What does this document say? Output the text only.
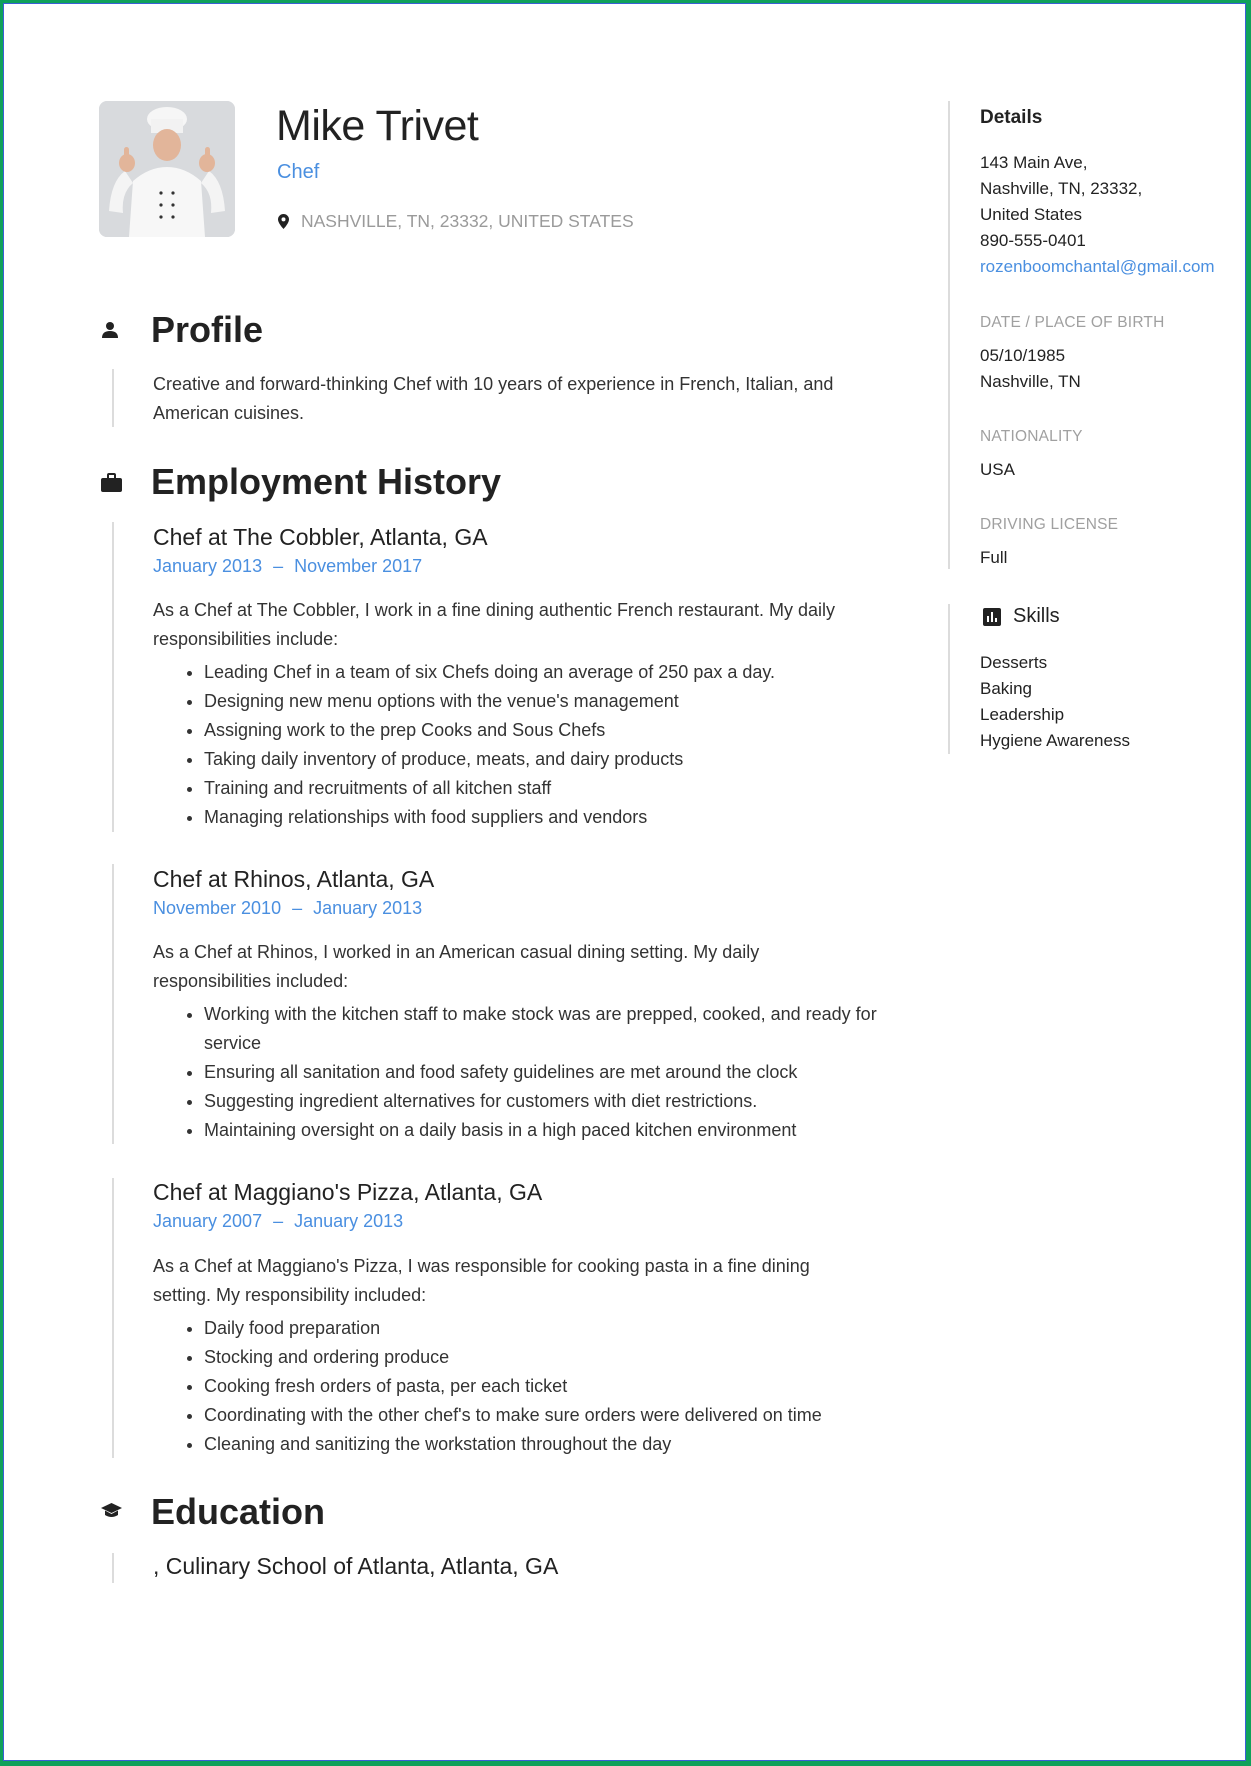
Mike Trivet
Chef
NASHVILLE, TN, 23332, UNITED STATES
Profile
Creative and forward-thinking Chef with 10 years of experience in French, Italian, and
American cuisines.
Employment History
Chef at The Cobbler, Atlanta, GA
January 2013 – November 2017
As a Chef at The Cobbler, I work in a fine dining authentic French restaurant. My daily
responsibilities include:
• Leading Chef in a team of six Chefs doing an average of 250 pax a day.
• Designing new menu options with the venue's management
• Assigning work to the prep Cooks and Sous Chefs
• Taking daily inventory of produce, meats, and dairy products
• Training and recruitments of all kitchen staff
• Managing relationships with food suppliers and vendors
Chef at Rhinos, Atlanta, GA
November 2010 – January 2013
As a Chef at Rhinos, I worked in an American casual dining setting. My daily
responsibilities included:
• Working with the kitchen staff to make stock was are prepped, cooked, and ready for service
• Ensuring all sanitation and food safety guidelines are met around the clock
• Suggesting ingredient alternatives for customers with diet restrictions.
• Maintaining oversight on a daily basis in a high paced kitchen environment
Chef at Maggiano's Pizza, Atlanta, GA
January 2007 – January 2013
As a Chef at Maggiano's Pizza, I was responsible for cooking pasta in a fine dining
setting. My responsibility included:
• Daily food preparation
• Stocking and ordering produce
• Cooking fresh orders of pasta, per each ticket
• Coordinating with the other chef's to make sure orders were delivered on time
• Cleaning and sanitizing the workstation throughout the day
Education
, Culinary School of Atlanta, Atlanta, GA
Details
143 Main Ave,
Nashville, TN, 23332,
United States
890-555-0401
rozenboomchantal@gmail.com
DATE / PLACE OF BIRTH
05/10/1985
Nashville, TN
NATIONALITY
USA
DRIVING LICENSE
Full
Skills
Desserts
Baking
Leadership
Hygiene Awareness
